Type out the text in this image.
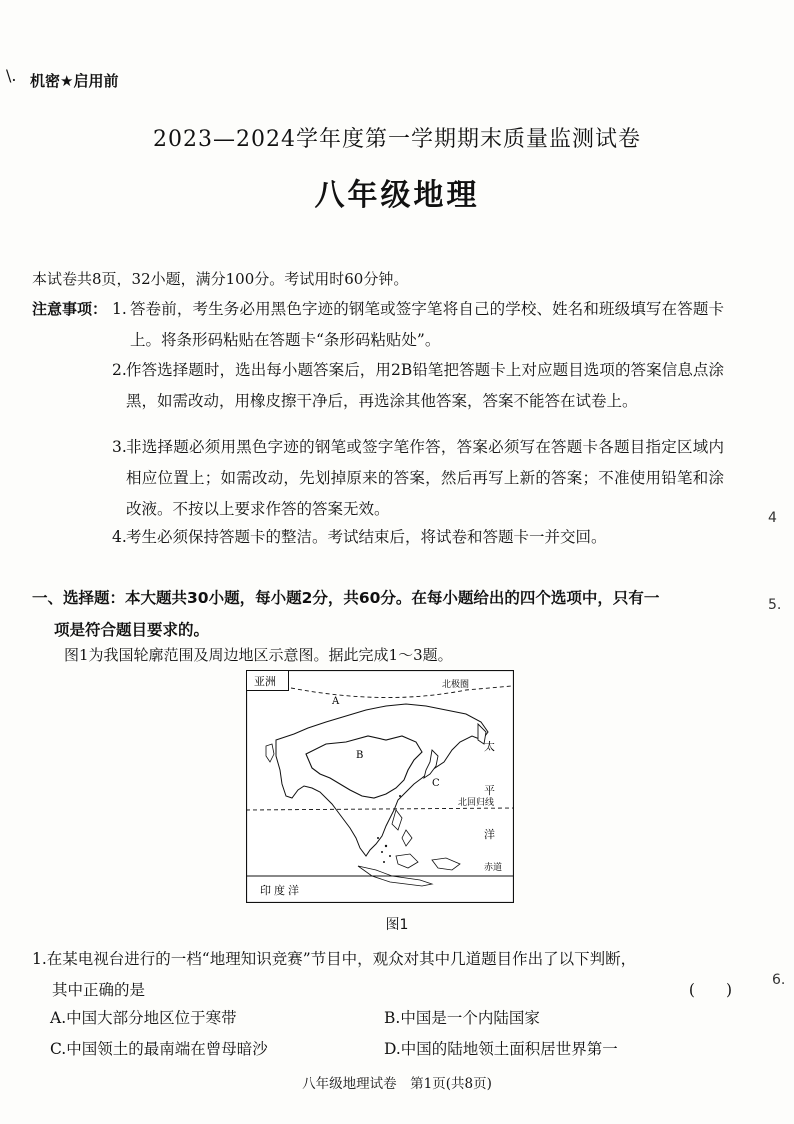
\. 机密★启用前
2023—2024学年度第一学期期末质量监测试卷
八年级地理
本试卷共8页，32小题，满分100分。考试用时60分钟。
注意事项： 1. 答卷前，考生务必用黑色字迹的钢笔或签字笔将自己的学校、姓名和班级填写在答题卡上。将条形码粘贴在答题卡“条形码粘贴处”。
2. 作答选择题时，选出每小题答案后，用2B铅笔把答题卡上对应题目选项的答案信息点涂黑，如需改动，用橡皮擦干净后，再选涂其他答案，答案不能答在试卷上。
3. 非选择题必须用黑色字迹的钢笔或签字笔作答，答案必须写在答题卡各题目指定区域内相应位置上；如需改动，先划掉原来的答案，然后再写上新的答案；不准使用铅笔和涂改液。不按以上要求作答的答案无效。
4. 考生必须保持答题卡的整洁。考试结束后，将试卷和答题卡一并交回。
一、选择题：本大题共30小题，每小题2分，共60分。在每小题给出的四个选项中，只有一
项是符合题目要求的。
图1为我国轮廓范围及周边地区示意图。据此完成1～3题。
亚洲	北极圈
北回归线
赤道
太
平
洋
印度洋
A
B
C
图1
1.在某电视台进行的一档“地理知识竞赛”节目中，观众对其中几道题目作出了以下判断，
其中正确的是	(　　)
A.中国大部分地区位于寒带	B.中国是一个内陆国家
C.中国领土的最南端在曾母暗沙	D.中国的陆地领土面积居世界第一
八年级地理试卷　第1页(共8页)
4
5.
6.
